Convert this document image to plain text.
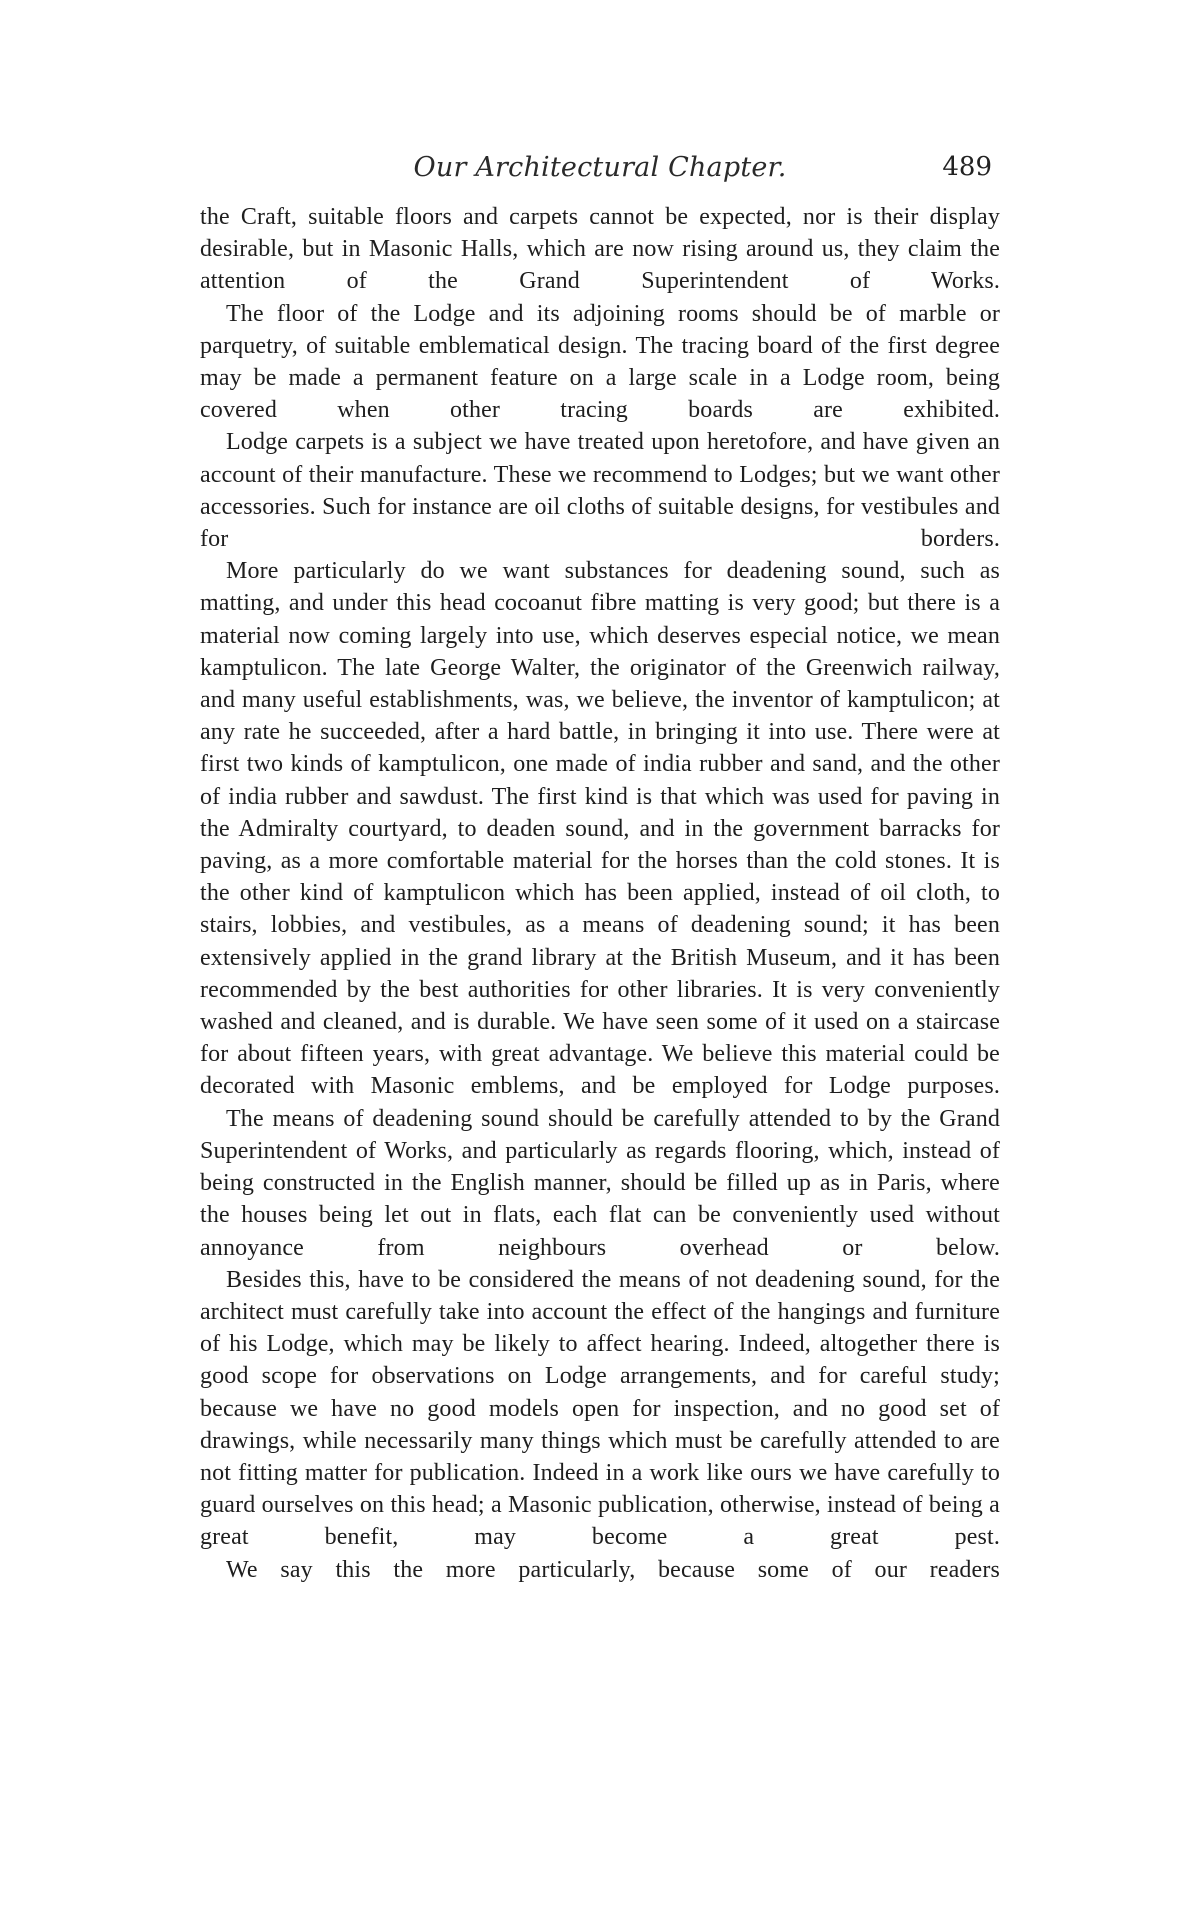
Our Architectural Chapter.	489

the Craft, suitable floors and carpets cannot be expected, nor is their display desirable, but in Masonic Halls, which are now rising around us, they claim the attention of the Grand Superintendent of Works.

The floor of the Lodge and its adjoining rooms should be of marble or parquetry, of suitable emblematical design. The tracing board of the first degree may be made a permanent feature on a large scale in a Lodge room, being covered when other tracing boards are exhibited.

Lodge carpets is a subject we have treated upon heretofore, and have given an account of their manufacture. These we recommend to Lodges; but we want other accessories. Such for instance are oil cloths of suitable designs, for vestibules and for borders.

More particularly do we want substances for deadening sound, such as matting, and under this head cocoanut fibre matting is very good; but there is a material now coming largely into use, which deserves especial notice, we mean kamptulicon. The late George Walter, the originator of the Greenwich railway, and many useful establishments, was, we believe, the inventor of kamptulicon; at any rate he succeeded, after a hard battle, in bringing it into use. There were at first two kinds of kamptulicon, one made of india rubber and sand, and the other of india rubber and sawdust. The first kind is that which was used for paving in the Admiralty courtyard, to deaden sound, and in the government barracks for paving, as a more comfortable material for the horses than the cold stones. It is the other kind of kamptulicon which has been applied, instead of oil cloth, to stairs, lobbies, and vestibules, as a means of deadening sound; it has been extensively applied in the grand library at the British Museum, and it has been recommended by the best authorities for other libraries. It is very conveniently washed and cleaned, and is durable. We have seen some of it used on a staircase for about fifteen years, with great advantage. We believe this material could be decorated with Masonic emblems, and be employed for Lodge purposes.

The means of deadening sound should be carefully attended to by the Grand Superintendent of Works, and particularly as regards flooring, which, instead of being constructed in the English manner, should be filled up as in Paris, where the houses being let out in flats, each flat can be conveniently used without annoyance from neighbours overhead or below.

Besides this, have to be considered the means of not deadening sound, for the architect must carefully take into account the effect of the hangings and furniture of his Lodge, which may be likely to affect hearing. Indeed, altogether there is good scope for observations on Lodge arrangements, and for careful study; because we have no good models open for inspection, and no good set of drawings, while necessarily many things which must be carefully attended to are not fitting matter for publication. Indeed in a work like ours we have carefully to guard ourselves on this head; a Masonic publication, otherwise, instead of being a great benefit, may become a great pest.

We say this the more particularly, because some of our readers
